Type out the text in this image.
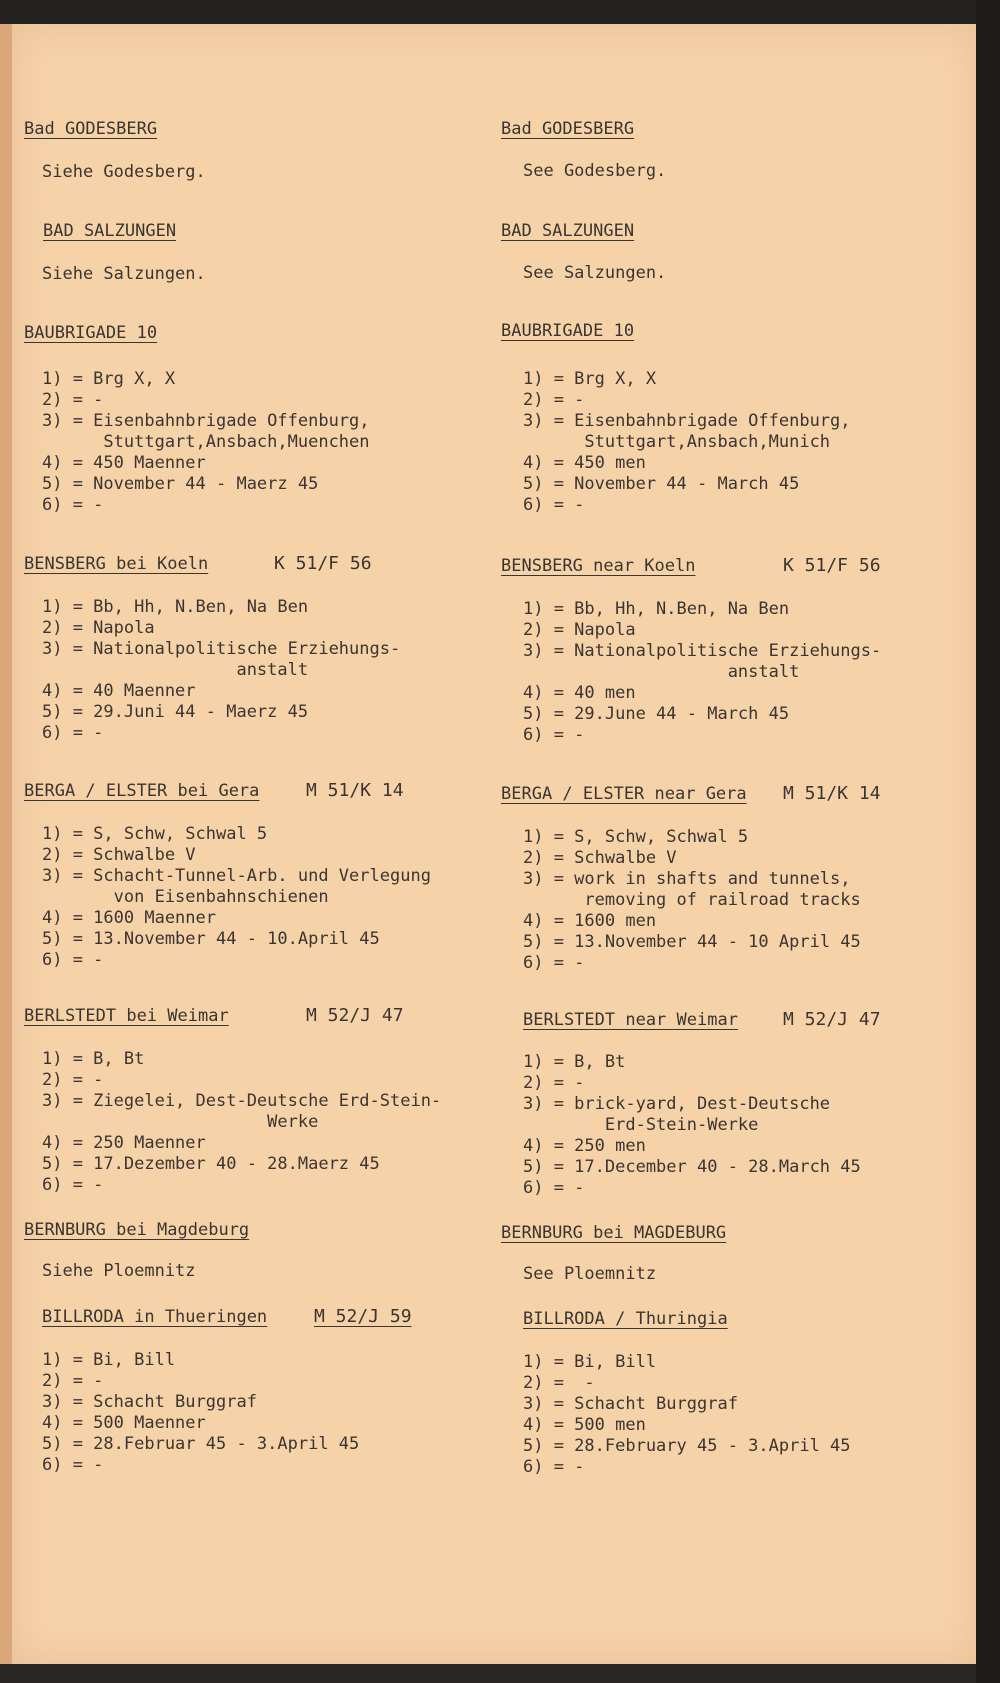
Bad GODESBERG
Siehe Godesberg.
BAD SALZUNGEN
Siehe Salzungen.
BAUBRIGADE 10
1) = Brg X, X
2) = -
3) = Eisenbahnbrigade Offenburg,
Stuttgart,Ansbach,Muenchen
4) = 450 Maenner
5) = November 44 - Maerz 45
6) = -
BENSBERG bei Koeln	K 51/F 56
1) = Bb, Hh, N.Ben, Na Ben
2) = Napola
3) = Nationalpolitische Erziehungs-
anstalt
4) = 40 Maenner
5) = 29.Juni 44 - Maerz 45
6) = -
BERGA / ELSTER bei Gera	M 51/K 14
1) = S, Schw, Schwal 5
2) = Schwalbe V
3) = Schacht-Tunnel-Arb. und Verlegung
von Eisenbahnschienen
4) = 1600 Maenner
5) = 13.November 44 - 10.April 45
6) = -
BERLSTEDT bei Weimar	M 52/J 47
1) = B, Bt
2) = -
3) = Ziegelei, Dest-Deutsche Erd-Stein-
Werke
4) = 250 Maenner
5) = 17.Dezember 40 - 28.Maerz 45
6) = -
BERNBURG bei Magdeburg
Siehe Ploemnitz
BILLRODA in Thueringen	M 52/J 59
1) = Bi, Bill
2) = -
3) = Schacht Burggraf
4) = 500 Maenner
5) = 28.Februar 45 - 3.April 45
6) = -
Bad GODESBERG
See Godesberg.
BAD SALZUNGEN
See Salzungen.
BAUBRIGADE 10
1) = Brg X, X
2) = -
3) = Eisenbahnbrigade Offenburg,
Stuttgart,Ansbach,Munich
4) = 450 men
5) = November 44 - March 45
6) = -
BENSBERG near Koeln	K 51/F 56
1) = Bb, Hh, N.Ben, Na Ben
2) = Napola
3) = Nationalpolitische Erziehungs-
anstalt
4) = 40 men
5) = 29.June 44 - March 45
6) = -
BERGA / ELSTER near Gera M 51/K 14
1) = S, Schw, Schwal 5
2) = Schwalbe V
3) = work in shafts and tunnels,
removing of railroad tracks
4) = 1600 men
5) = 13.November 44 - 10 April 45
6) = -
BERLSTEDT near Weimar	M 52/J 47
1) = B, Bt
2) = -
3) = brick-yard, Dest-Deutsche
Erd-Stein-Werke
4) = 250 men
5) = 17.December 40 - 28.March 45
6) = -
BERNBURG bei MAGDEBURG
See Ploemnitz
BILLRODA / Thuringia
1) = Bi, Bill
2) =  -
3) = Schacht Burggraf
4) = 500 men
5) = 28.February 45 - 3.April 45
6) = -
